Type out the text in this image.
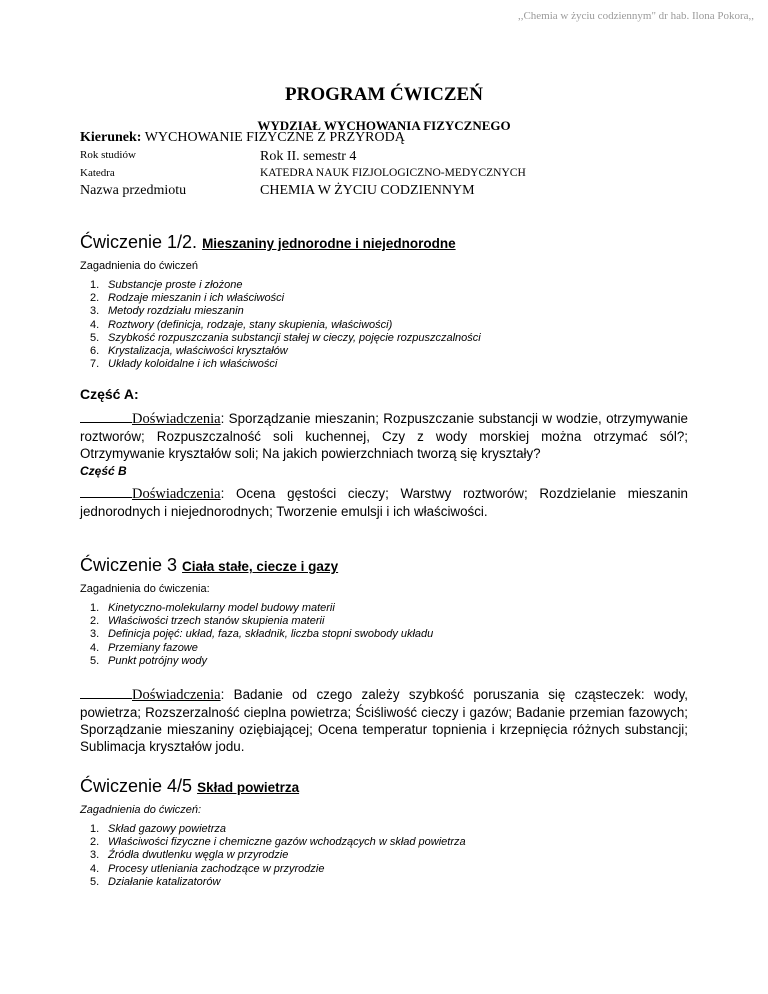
,,Chemia w życiu codziennym" dr hab. Ilona Pokora,,
PROGRAM ĆWICZEŃ
WYDZIAŁ WYCHOWANIA FIZYCZNEGO
Kierunek: WYCHOWANIE FIZYCZNE Z PRZYRODĄ
Rok studiów	Rok II. semestr 4
Katedra	KATEDRA NAUK FIZJOLOGICZNO-MEDYCZNYCH
Nazwa przedmiotu	CHEMIA W ŻYCIU CODZIENNYM
Ćwiczenie 1/2. Mieszaniny jednorodne i niejednorodne
Zagadnienia do ćwiczeń
1. Substancje proste i złożone
2. Rodzaje mieszanin i ich właściwości
3. Metody rozdziału mieszanin
4. Roztwory (definicja, rodzaje, stany skupienia, właściwości)
5. Szybkość rozpuszczania substancji stałej w cieczy, pojęcie rozpuszczalności
6. Krystalizacja, właściwości kryształów
7. Układy koloidalne i ich właściwości
Część A:
Doświadczenia: Sporządzanie mieszanin; Rozpuszczanie substancji w wodzie, otrzymywanie roztworów; Rozpuszczalność soli kuchennej, Czy z wody morskiej można otrzymać sól?; Otrzymywanie kryształów soli; Na jakich powierzchniach tworzą się kryształy?
Część B
Doświadczenia: Ocena gęstości cieczy; Warstwy roztworów; Rozdzielanie mieszanin jednorodnych i niejednorodnych; Tworzenie emulsji i ich właściwości.
Ćwiczenie 3 Ciała stałe, ciecze i gazy
Zagadnienia do ćwiczenia:
1. Kinetyczno-molekularny model budowy materii
2. Właściwości trzech stanów skupienia materii
3. Definicja pojęć: układ, faza, składnik, liczba stopni swobody układu
4. Przemiany fazowe
5. Punkt potrójny wody
Doświadczenia: Badanie od czego zależy szybkość poruszania się cząsteczek: wody, powietrza; Rozszerzalność cieplna powietrza; Ściśliwość cieczy i gazów; Badanie przemian fazowych; Sporządzanie mieszaniny oziębiającej; Ocena temperatur topnienia i krzepnięcia różnych substancji; Sublimacja kryształów jodu.
Ćwiczenie 4/5 Skład powietrza
Zagadnienia do ćwiczeń:
1. Skład gazowy powietrza
2. Właściwości fizyczne i chemiczne gazów wchodzących w skład powietrza
3. Źródła dwutlenku węgla w przyrodzie
4. Procesy utleniania zachodzące w przyrodzie
5. Działanie katalizatorów
